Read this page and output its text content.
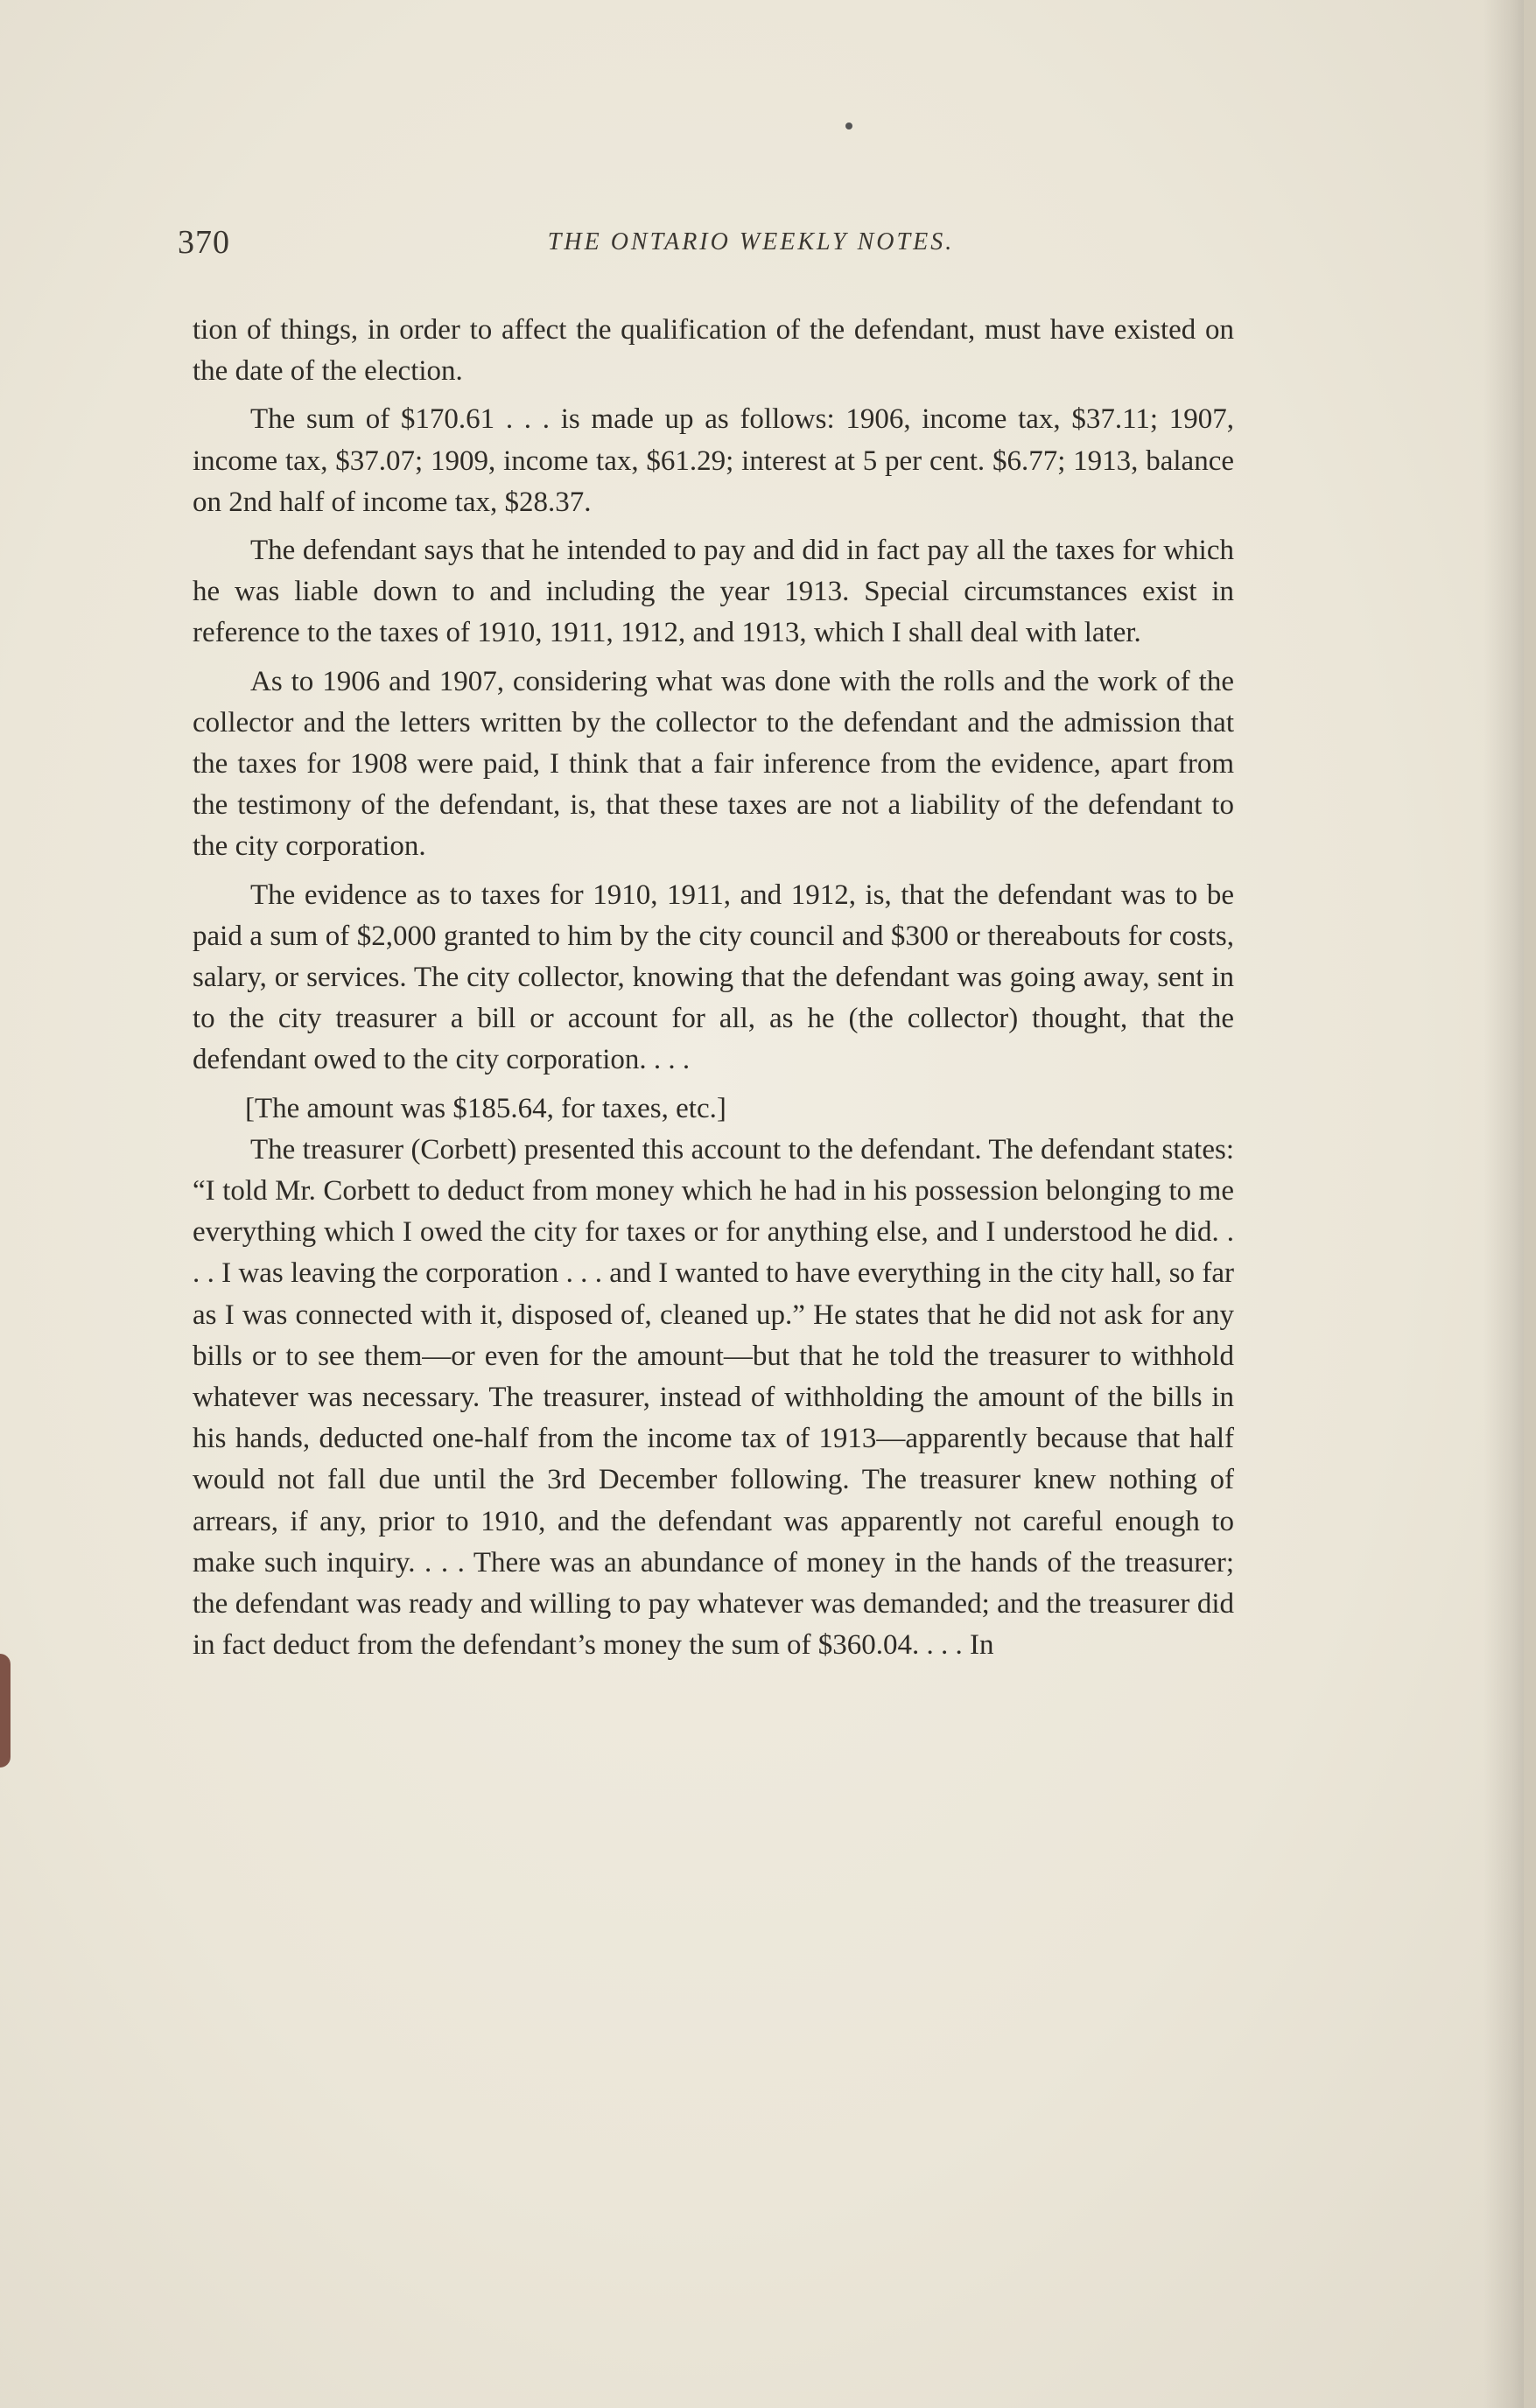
370	THE ONTARIO WEEKLY NOTES.

tion of things, in order to affect the qualification of the defendant, must have existed on the date of the election.

The sum of $170.61 . . . is made up as follows: 1906, income tax, $37.11; 1907, income tax, $37.07; 1909, income tax, $61.29; interest at 5 per cent. $6.77; 1913, balance on 2nd half of income tax, $28.37.

The defendant says that he intended to pay and did in fact pay all the taxes for which he was liable down to and including the year 1913. Special circumstances exist in reference to the taxes of 1910, 1911, 1912, and 1913, which I shall deal with later.

As to 1906 and 1907, considering what was done with the rolls and the work of the collector and the letters written by the collector to the defendant and the admission that the taxes for 1908 were paid, I think that a fair inference from the evidence, apart from the testimony of the defendant, is, that these taxes are not a liability of the defendant to the city corporation.

The evidence as to taxes for 1910, 1911, and 1912, is, that the defendant was to be paid a sum of $2,000 granted to him by the city council and $300 or thereabouts for costs, salary, or services. The city collector, knowing that the defendant was going away, sent in to the city treasurer a bill or account for all, as he (the collector) thought, that the defendant owed to the city corporation. . . .

[The amount was $185.64, for taxes, etc.]

The treasurer (Corbett) presented this account to the defendant. The defendant states: “I told Mr. Corbett to deduct from money which he had in his possession belonging to me everything which I owed the city for taxes or for anything else, and I understood he did. . . . I was leaving the corporation . . . and I wanted to have everything in the city hall, so far as I was connected with it, disposed of, cleaned up.” He states that he did not ask for any bills or to see them—or even for the amount—but that he told the treasurer to withhold whatever was necessary. The treasurer, instead of withholding the amount of the bills in his hands, deducted one-half from the income tax of 1913—apparently because that half would not fall due until the 3rd December following. The treasurer knew nothing of arrears, if any, prior to 1910, and the defendant was apparently not careful enough to make such inquiry. . . . There was an abundance of money in the hands of the treasurer; the defendant was ready and willing to pay whatever was demanded; and the treasurer did in fact deduct from the defendant’s money the sum of $360.04. . . . In
